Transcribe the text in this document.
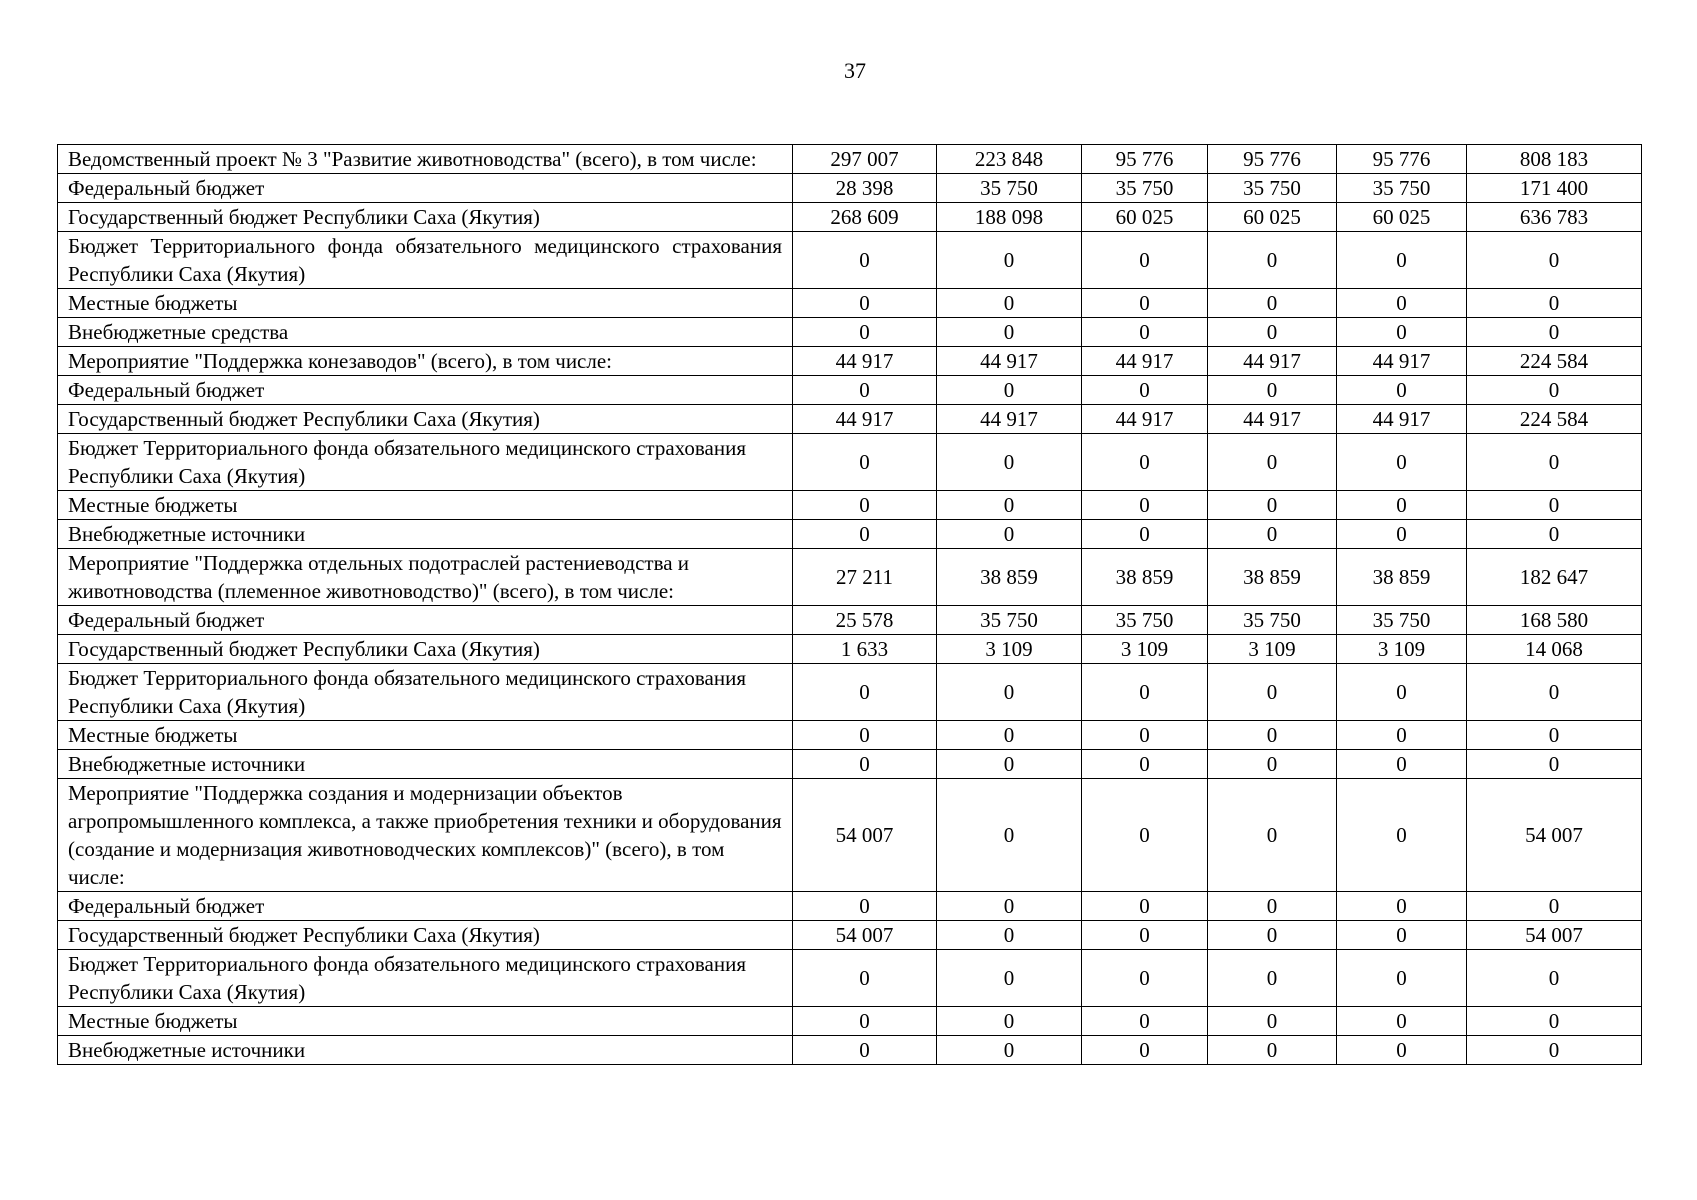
37
Ведомственный проект № 3 "Развитие животноводства" (всего), в том числе:	297 007	223 848	95 776	95 776	95 776	808 183
Федеральный бюджет	28 398	35 750	35 750	35 750	35 750	171 400
Государственный бюджет Республики Саха (Якутия)	268 609	188 098	60 025	60 025	60 025	636 783
Бюджет Территориального фонда обязательного медицинского страхования Республики Саха (Якутия)	0	0	0	0	0	0
Местные бюджеты	0	0	0	0	0	0
Внебюджетные средства	0	0	0	0	0	0
Мероприятие "Поддержка конезаводов" (всего), в том числе:	44 917	44 917	44 917	44 917	44 917	224 584
Федеральный бюджет	0	0	0	0	0	0
Государственный бюджет Республики Саха (Якутия)	44 917	44 917	44 917	44 917	44 917	224 584
Бюджет Территориального фонда обязательного медицинского страхования Республики Саха (Якутия)	0	0	0	0	0	0
Местные бюджеты	0	0	0	0	0	0
Внебюджетные источники	0	0	0	0	0	0
Мероприятие "Поддержка отдельных подотраслей растениеводства и животноводства (племенное животноводство)" (всего), в том числе:	27 211	38 859	38 859	38 859	38 859	182 647
Федеральный бюджет	25 578	35 750	35 750	35 750	35 750	168 580
Государственный бюджет Республики Саха (Якутия)	1 633	3 109	3 109	3 109	3 109	14 068
Бюджет Территориального фонда обязательного медицинского страхования Республики Саха (Якутия)	0	0	0	0	0	0
Местные бюджеты	0	0	0	0	0	0
Внебюджетные источники	0	0	0	0	0	0
Мероприятие "Поддержка создания и модернизации объектов агропромышленного комплекса, а также приобретения техники и оборудования (создание и модернизация животноводческих комплексов)" (всего), в том числе:	54 007	0	0	0	0	54 007
Федеральный бюджет	0	0	0	0	0	0
Государственный бюджет Республики Саха (Якутия)	54 007	0	0	0	0	54 007
Бюджет Территориального фонда обязательного медицинского страхования Республики Саха (Якутия)	0	0	0	0	0	0
Местные бюджеты	0	0	0	0	0	0
Внебюджетные источники	0	0	0	0	0	0
